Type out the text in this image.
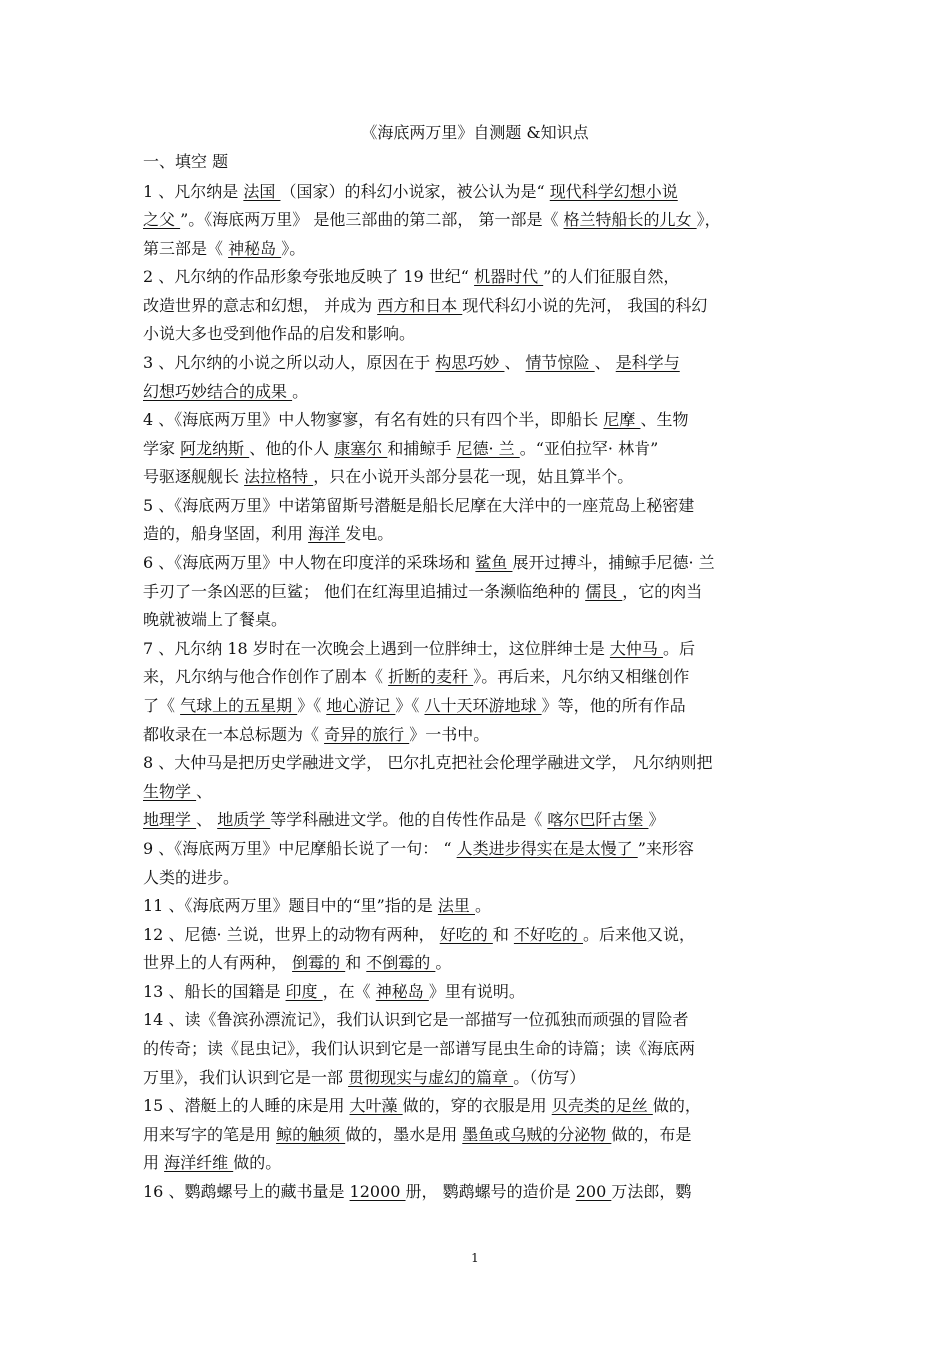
《海底两万里》自测题 &知识点
一、填空 题
1 、凡尔纳是 法国 （国家）的科幻小说家，被公认为是“ 现代科学幻想小说
之父 ”。《海底两万里》 是他三部曲的第二部， 第一部是《 格兰特船长的儿女 》，
第三部是《 神秘岛 》。
2 、凡尔纳的作品形象夸张地反映了 19 世纪“ 机器时代 ”的人们征服自然，
改造世界的意志和幻想， 并成为 西方和日本 现代科幻小说的先河， 我国的科幻
小说大多也受到他作品的启发和影响。
3 、凡尔纳的小说之所以动人，原因在于 构思巧妙 、 情节惊险 、 是科学与
幻想巧妙结合的成果 。
4 、《海底两万里》中人物寥寥，有名有姓的只有四个半，即船长 尼摩 、生物
学家 阿龙纳斯 、他的仆人 康塞尔 和捕鲸手 尼德· 兰 。“亚伯拉罕· 林肯”
号驱逐舰舰长 法拉格特 ，只在小说开头部分昙花一现，姑且算半个。
5 、《海底两万里》中诺第留斯号潜艇是船长尼摩在大洋中的一座荒岛上秘密建
造的，船身坚固，利用 海洋 发电。
6 、《海底两万里》中人物在印度洋的采珠场和 鲨鱼 展开过搏斗，捕鲸手尼德· 兰
手刃了一条凶恶的巨鲨； 他们在红海里追捕过一条濒临绝种的 儒艮 ，它的肉当
晚就被端上了餐桌。
7 、凡尔纳 18 岁时在一次晚会上遇到一位胖绅士，这位胖绅士是 大仲马 。后
来，凡尔纳与他合作创作了剧本《 折断的麦秆 》。再后来，凡尔纳又相继创作
了《 气球上的五星期 》《 地心游记 》《 八十天环游地球 》等，他的所有作品
都收录在一本总标题为《 奇异的旅行 》一书中。
8 、大仲马是把历史学融进文学， 巴尔扎克把社会伦理学融进文学， 凡尔纳则把
生物学 、
地理学 、 地质学 等学科融进文学。他的自传性作品是《 喀尔巴阡古堡 》
9 、《海底两万里》中尼摩船长说了一句： “ 人类进步得实在是太慢了 ”来形容
人类的进步。
11 、《海底两万里》题目中的“里”指的是 法里 。
12 、尼德· 兰说，世界上的动物有两种， 好吃的 和 不好吃的 。后来他又说，
世界上的人有两种， 倒霉的 和 不倒霉的 。
13 、船长的国籍是 印度 ，在《 神秘岛 》里有说明。
14 、读《鲁滨孙漂流记》，我们认识到它是一部描写一位孤独而顽强的冒险者
的传奇；读《昆虫记》，我们认识到它是一部谱写昆虫生命的诗篇；读《海底两
万里》，我们认识到它是一部 贯彻现实与虚幻的篇章 。（仿写）
15 、潜艇上的人睡的床是用 大叶藻 做的，穿的衣服是用 贝壳类的足丝 做的，
用来写字的笔是用 鲸的触须 做的，墨水是用 墨鱼或乌贼的分泌物 做的，布是
用 海洋纤维 做的。
16 、鹦鹉螺号上的藏书量是 12000 册， 鹦鹉螺号的造价是 200 万法郎，鹦
1
